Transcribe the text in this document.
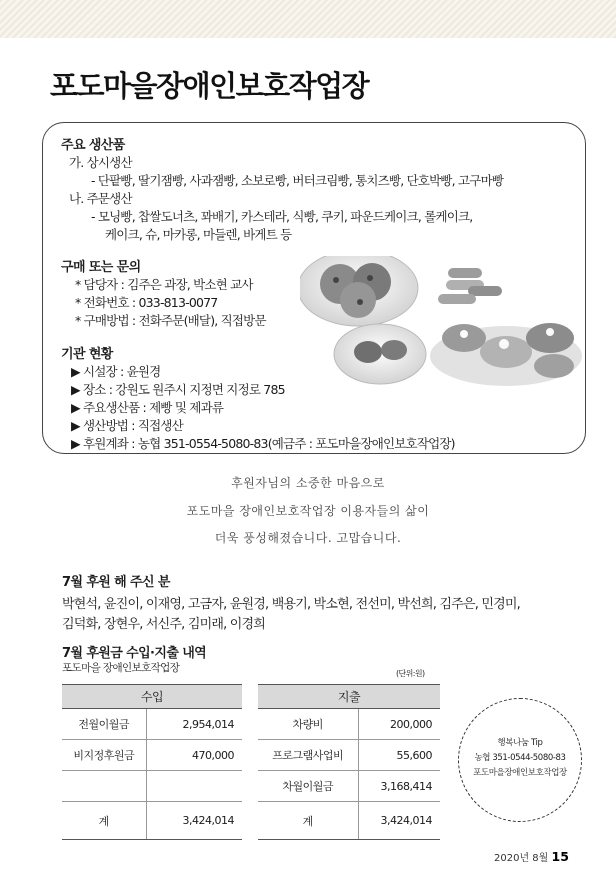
포도마을장애인보호작업장
주요 생산품
가. 상시생산
- 단팥빵, 딸기잼빵, 사과잼빵, 소보로빵, 버터크림빵, 통치즈빵, 단호박빵, 고구마빵
나. 주문생산
- 모닝빵, 찹쌀도너츠, 꽈배기, 카스테라, 식빵, 쿠키, 파운드케이크, 롤케이크,
케이크, 슈, 마카롱, 마들렌, 바게트 등
구매 또는 문의
* 담당자 : 김주은 과장, 박소현 교사
* 전화번호 : 033-813-0077
* 구매방법 : 전화주문(배달), 직접방문
기관 현황
▶ 시설장 : 윤원경
▶ 장소 : 강원도 원주시 지정면 지정로 785
▶ 주요생산품 : 제빵 및 제과류
▶ 생산방법 : 직접생산
▶ 후원계좌 : 농협 351-0554-5080-83(예금주 : 포도마을장애인보호작업장)
후원자님의 소중한 마음으로
포도마을 장애인보호작업장 이용자들의 삶이
더욱 풍성해졌습니다. 고맙습니다.
7월 후원 해 주신 분
박현석, 윤진이, 이재영, 고금자, 윤원경, 백용기, 박소현, 전선미, 박선희, 김주은, 민경미,
김덕화, 장현우, 서신주, 김미래, 이경희
7월 후원금 수입·지출 내역
포도마을 장애인보호작업장	(단위:원)
수입	
전월이월금	2,954,014
비지정후원금	470,000

계	3,424,014
지출	
차량비	200,000
프로그램사업비	55,600
차월이월금	3,168,414
계	3,424,014
행복나눔 Tip
농협 351-0544-5080-83
포도마을장애인보호작업장
2020년 8월 15
